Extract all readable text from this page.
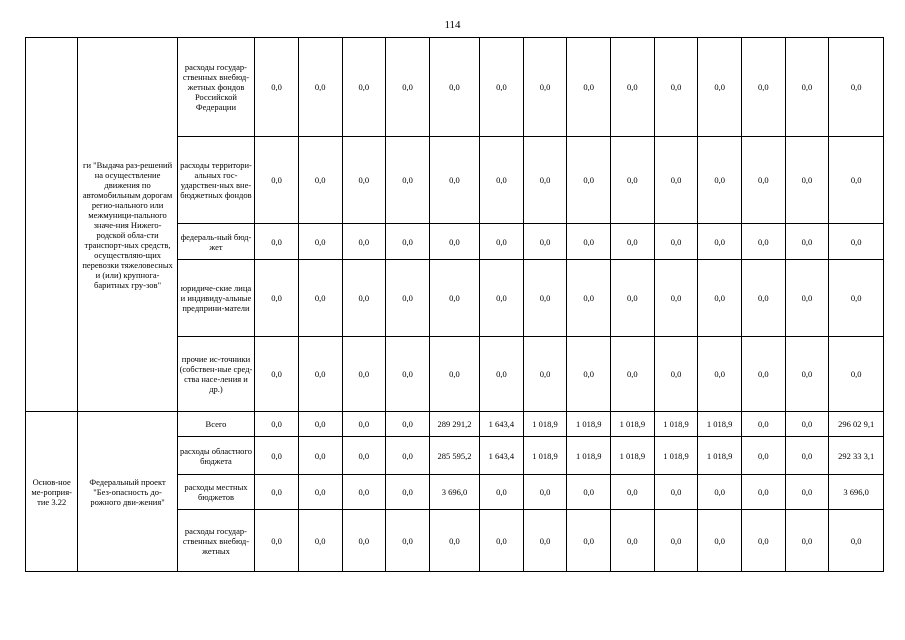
114
	ги "Выдача раз-решений на осуществление движения по автомобильным дорогам регио-нального или межмуници-пального значе-ния Нижего-родской обла-сти транспорт-ных средств, осуществляю-щих перевозки тяжеловесных и (или) крупнога-баритных гру-зов"	расходы государ-ственных внебюд-жетных фондов Российской Федерации	0,0	0,0	0,0	0,0	0,0	0,0	0,0	0,0	0,0	0,0	0,0	0,0	0,0	0,0
		расходы территори-альных гос-ударствен-ных вне-бюджетных фондов	0,0	0,0	0,0	0,0	0,0	0,0	0,0	0,0	0,0	0,0	0,0	0,0	0,0	0,0
		федераль-ный бюд-жет	0,0	0,0	0,0	0,0	0,0	0,0	0,0	0,0	0,0	0,0	0,0	0,0	0,0	0,0
		юридиче-ские лица и индивиду-альные предприни-матели	0,0	0,0	0,0	0,0	0,0	0,0	0,0	0,0	0,0	0,0	0,0	0,0	0,0	0,0
		прочие ис-точники (собствен-ные сред-ства насе-ления и др.)	0,0	0,0	0,0	0,0	0,0	0,0	0,0	0,0	0,0	0,0	0,0	0,0	0,0	0,0
Основ-ное ме-роприя-тие 3.22	Федеральный проект "Без-опасность до-рожного дви-жения"	Всего	0,0	0,0	0,0	0,0	289 291,2	1 643,4	1 018,9	1 018,9	1 018,9	1 018,9	1 018,9	0,0	0,0	296 02 9,1
		расходы областного бюджета	0,0	0,0	0,0	0,0	285 595,2	1 643,4	1 018,9	1 018,9	1 018,9	1 018,9	1 018,9	0,0	0,0	292 33 3,1
		расходы местных бюджетов	0,0	0,0	0,0	0,0	3 696,0	0,0	0,0	0,0	0,0	0,0	0,0	0,0	0,0	3 696,0
		расходы государ-ственных внебюд-жетных	0,0	0,0	0,0	0,0	0,0	0,0	0,0	0,0	0,0	0,0	0,0	0,0	0,0	0,0
